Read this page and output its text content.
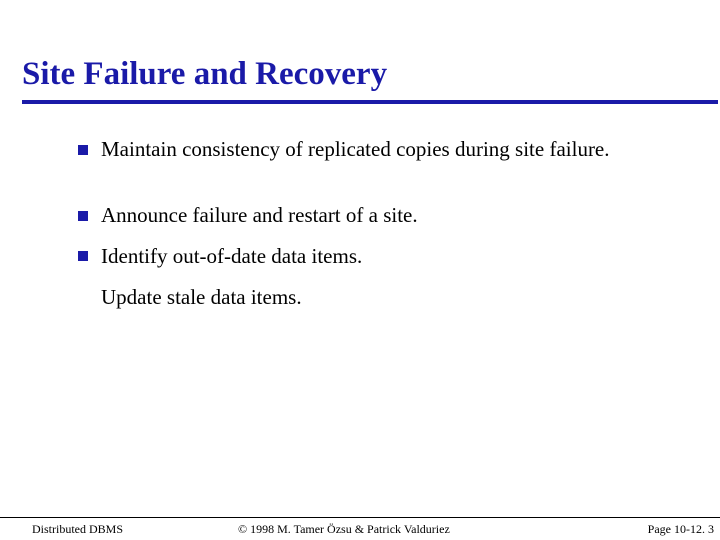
Site Failure and Recovery
Maintain consistency of replicated copies during site failure.
Announce failure and restart of a site.
Identify out-of-date data items.
Update stale data items.
Distributed DBMS	© 1998 M. Tamer Özsu & Patrick Valduriez	Page 10-12. 3
